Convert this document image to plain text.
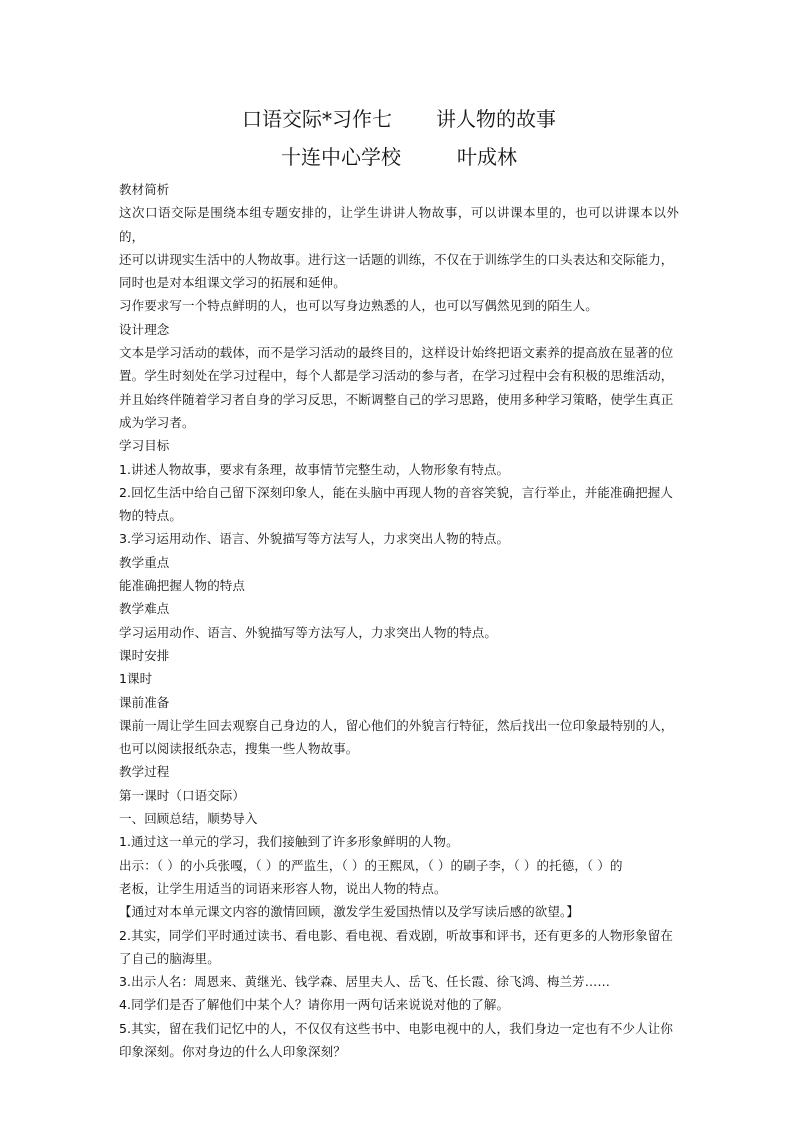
口语交际*习作七 讲人物的故事

十连中心学校	叶成林

教材简析

这次口语交际是围绕本组专题安排的，让学生讲讲人物故事，可以讲课本里的，也可以讲课本以外的，

还可以讲现实生活中的人物故事。进行这一话题的训练，不仅在于训练学生的口头表达和交际能力，

同时也是对本组课文学习的拓展和延伸。

习作要求写一个特点鲜明的人，也可以写身边熟悉的人，也可以写偶然见到的陌生人。

设计理念

文本是学习活动的载体，而不是学习活动的最终目的，这样设计始终把语文素养的提高放在显著的位

置。学生时刻处在学习过程中，每个人都是学习活动的参与者，在学习过程中会有积极的思维活动，

并且始终伴随着学习者自身的学习反思，不断调整自己的学习思路，使用多种学习策略，使学生真正

成为学习者。

学习目标

1.讲述人物故事，要求有条理，故事情节完整生动，人物形象有特点。

2.回忆生活中给自己留下深刻印象人，能在头脑中再现人物的音容笑貌，言行举止，并能准确把握人

物的特点。

3.学习运用动作、语言、外貌描写等方法写人，力求突出人物的特点。

教学重点

能准确把握人物的特点

教学难点

学习运用动作、语言、外貌描写等方法写人，力求突出人物的特点。

课时安排

1课时

课前准备

课前一周让学生回去观察自己身边的人，留心他们的外貌言行特征，然后找出一位印象最特别的人，

也可以阅读报纸杂志，搜集一些人物故事。

教学过程

第一课时（口语交际）

一、回顾总结，顺势导入

1.通过这一单元的学习，我们接触到了许多形象鲜明的人物。

出示：（ ）的小兵张嘎，（ ）的严监生，（ ）的王熙凤，（ ）的刷子李，（ ）的托德，（ ）的

老板，让学生用适当的词语来形容人物，说出人物的特点。

【通过对本单元课文内容的激情回顾，激发学生爱国热情以及学写读后感的欲望。】

2.其实，同学们平时通过读书、看电影、看电视、看戏剧，听故事和评书，还有更多的人物形象留在

了自己的脑海里。

3.出示人名：周恩来、黄继光、钱学森、居里夫人、岳飞、任长霞、徐飞鸿、梅兰芳……

4.同学们是否了解他们中某个人？请你用一两句话来说说对他的了解。

5.其实，留在我们记忆中的人，不仅仅有这些书中、电影电视中的人，我们身边一定也有不少人让你

印象深刻。你对身边的什么人印象深刻？
